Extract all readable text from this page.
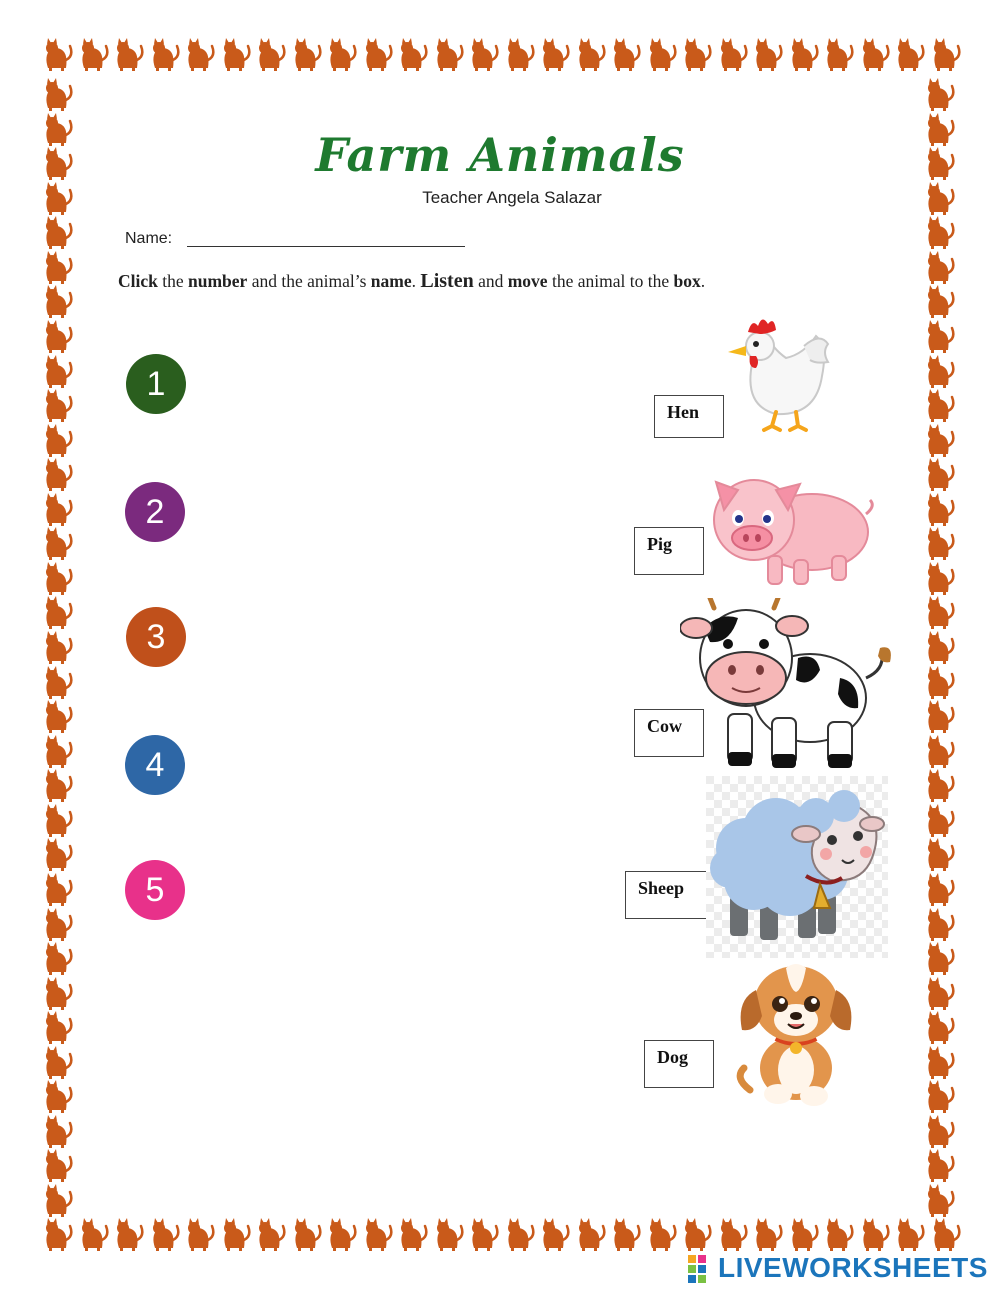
Farm Animals
Teacher Angela Salazar
Name:
Click the number and the animal’s name. Listen and move the animal to the box.
1
2
3
4
5
Hen
Pig
Cow
Sheep
Dog
LIVEWORKSHEETS
